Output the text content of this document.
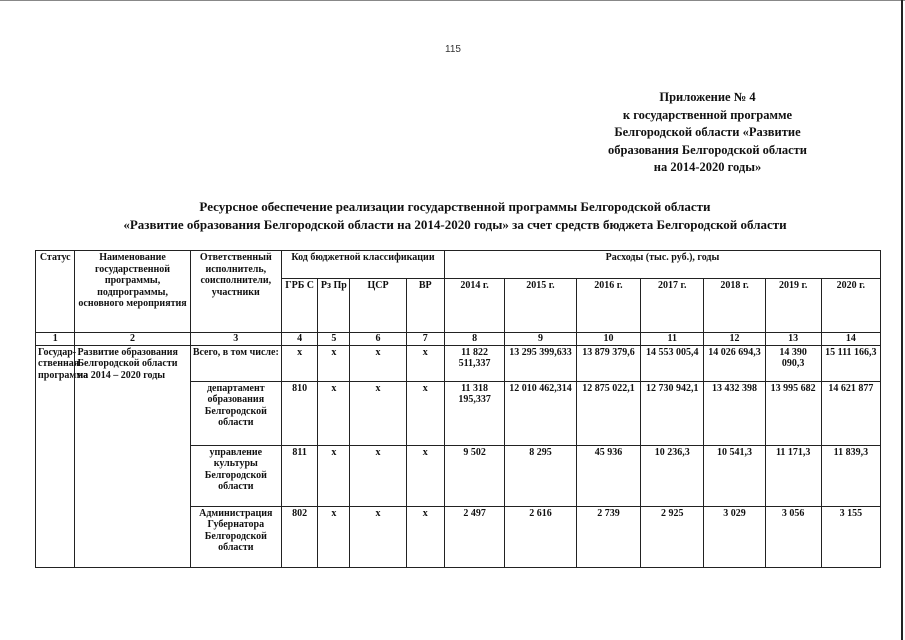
115
Приложение № 4
к государственной программе
Белгородской области «Развитие
образования Белгородской области
на 2014-2020 годы»
Ресурсное обеспечение реализации государственной программы Белгородской области
«Развитие образования Белгородской области на 2014-2020 годы» за счет средств бюджета Белгородской области
Статус	Наименование государственной программы, подпрограммы, основного мероприятия	Ответственный исполнитель, соисполнители, участники	Код бюджетной классификации				Расходы (тыс. руб.), годы						
			ГРБ С	Рз Пр	ЦСР	ВР	2014 г.	2015 г.	2016 г.	2017 г.	2018 г.	2019 г.	2020 г.
1	2	3	4	5	6	7	8	9	10	11	12	13	14
Государ-ственная программа	Развитие образования Белгородской области на 2014 – 2020 годы	Всего, в том числе:	х	х	х	х	11 822 511,337	13 295 399,633	13 879 379,6	14 553 005,4	14 026 694,3	14 390 090,3	15 111 166,3
		департамент образования Белгородской области	810	х	х	х	11 318 195,337	12 010 462,314	12 875 022,1	12 730 942,1	13 432 398	13 995 682	14 621 877
		управление культуры Белгородской области	811	х	х	х	9 502	8 295	45 936	10 236,3	10 541,3	11 171,3	11 839,3
		Администрация Губернатора Белгородской области	802	х	х	х	2 497	2 616	2 739	2 925	3 029	3 056	3 155
